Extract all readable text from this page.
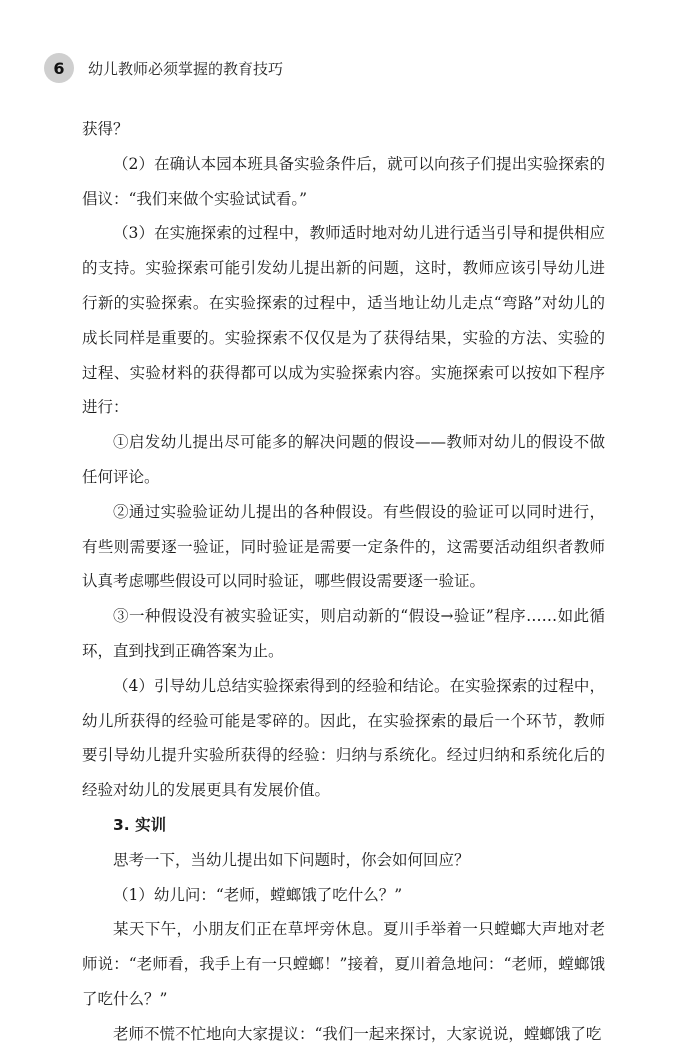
6	幼儿教师必须掌握的教育技巧

获得？

（2）在确认本园本班具备实验条件后，就可以向孩子们提出实验探索的倡议：“我们来做个实验试试看。”

（3）在实施探索的过程中，教师适时地对幼儿进行适当引导和提供相应的支持。实验探索可能引发幼儿提出新的问题，这时，教师应该引导幼儿进行新的实验探索。在实验探索的过程中，适当地让幼儿走点“弯路”对幼儿的成长同样是重要的。实验探索不仅仅是为了获得结果，实验的方法、实验的过程、实验材料的获得都可以成为实验探索内容。实施探索可以按如下程序进行：

①启发幼儿提出尽可能多的解决问题的假设——教师对幼儿的假设不做任何评论。

②通过实验验证幼儿提出的各种假设。有些假设的验证可以同时进行，有些则需要逐一验证，同时验证是需要一定条件的，这需要活动组织者教师认真考虑哪些假设可以同时验证，哪些假设需要逐一验证。

③一种假设没有被实验证实，则启动新的“假设→验证”程序……如此循环，直到找到正确答案为止。

（4）引导幼儿总结实验探索得到的经验和结论。在实验探索的过程中，幼儿所获得的经验可能是零碎的。因此，在实验探索的最后一个环节，教师要引导幼儿提升实验所获得的经验：归纳与系统化。经过归纳和系统化后的经验对幼儿的发展更具有发展价值。

3. 实训

思考一下，当幼儿提出如下问题时，你会如何回应？

（1）幼儿问：“老师，螳螂饿了吃什么？”

某天下午，小朋友们正在草坪旁休息。夏川手举着一只螳螂大声地对老师说：“老师看，我手上有一只螳螂！”接着，夏川着急地问：“老师，螳螂饿了吃什么？”

老师不慌不忙地向大家提议：“我们一起来探讨，大家说说，螳螂饿了吃
